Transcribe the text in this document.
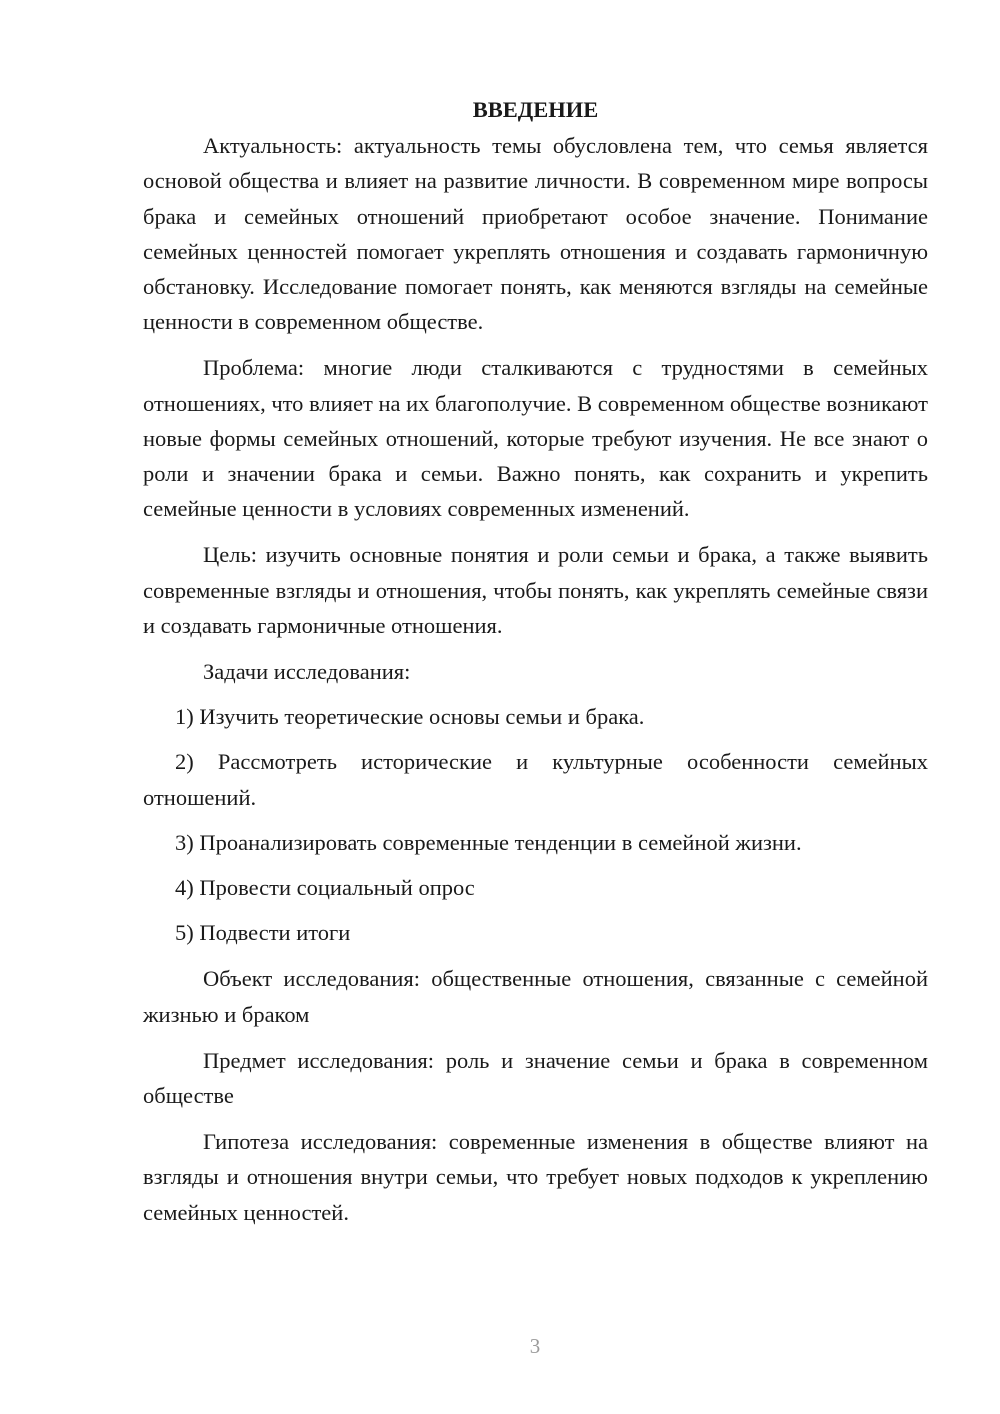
ВВЕДЕНИЕ

Актуальность: актуальность темы обусловлена тем, что семья является основой общества и влияет на развитие личности. В современном мире вопросы брака и семейных отношений приобретают особое значение. Понимание семейных ценностей помогает укреплять отношения и создавать гармоничную обстановку. Исследование помогает понять, как меняются взгляды на семейные ценности в современном обществе.

Проблема: многие люди сталкиваются с трудностями в семейных отношениях, что влияет на их благополучие. В современном обществе возникают новые формы семейных отношений, которые требуют изучения. Не все знают о роли и значении брака и семьи. Важно понять, как сохранить и укрепить семейные ценности в условиях современных изменений.

Цель: изучить основные понятия и роли семьи и брака, а также выявить современные взгляды и отношения, чтобы понять, как укреплять семейные связи и создавать гармоничные отношения.

Задачи исследования:

1) Изучить теоретические основы семьи и брака.

2) Рассмотреть исторические и культурные особенности семейных отношений.

3) Проанализировать современные тенденции в семейной жизни.

4) Провести социальный опрос

5) Подвести итоги

Объект исследования: общественные отношения, связанные с семейной жизнью и браком

Предмет исследования: роль и значение семьи и брака в современном обществе

Гипотеза исследования: современные изменения в обществе влияют на взгляды и отношения внутри семьи, что требует новых подходов к укреплению семейных ценностей.

3
